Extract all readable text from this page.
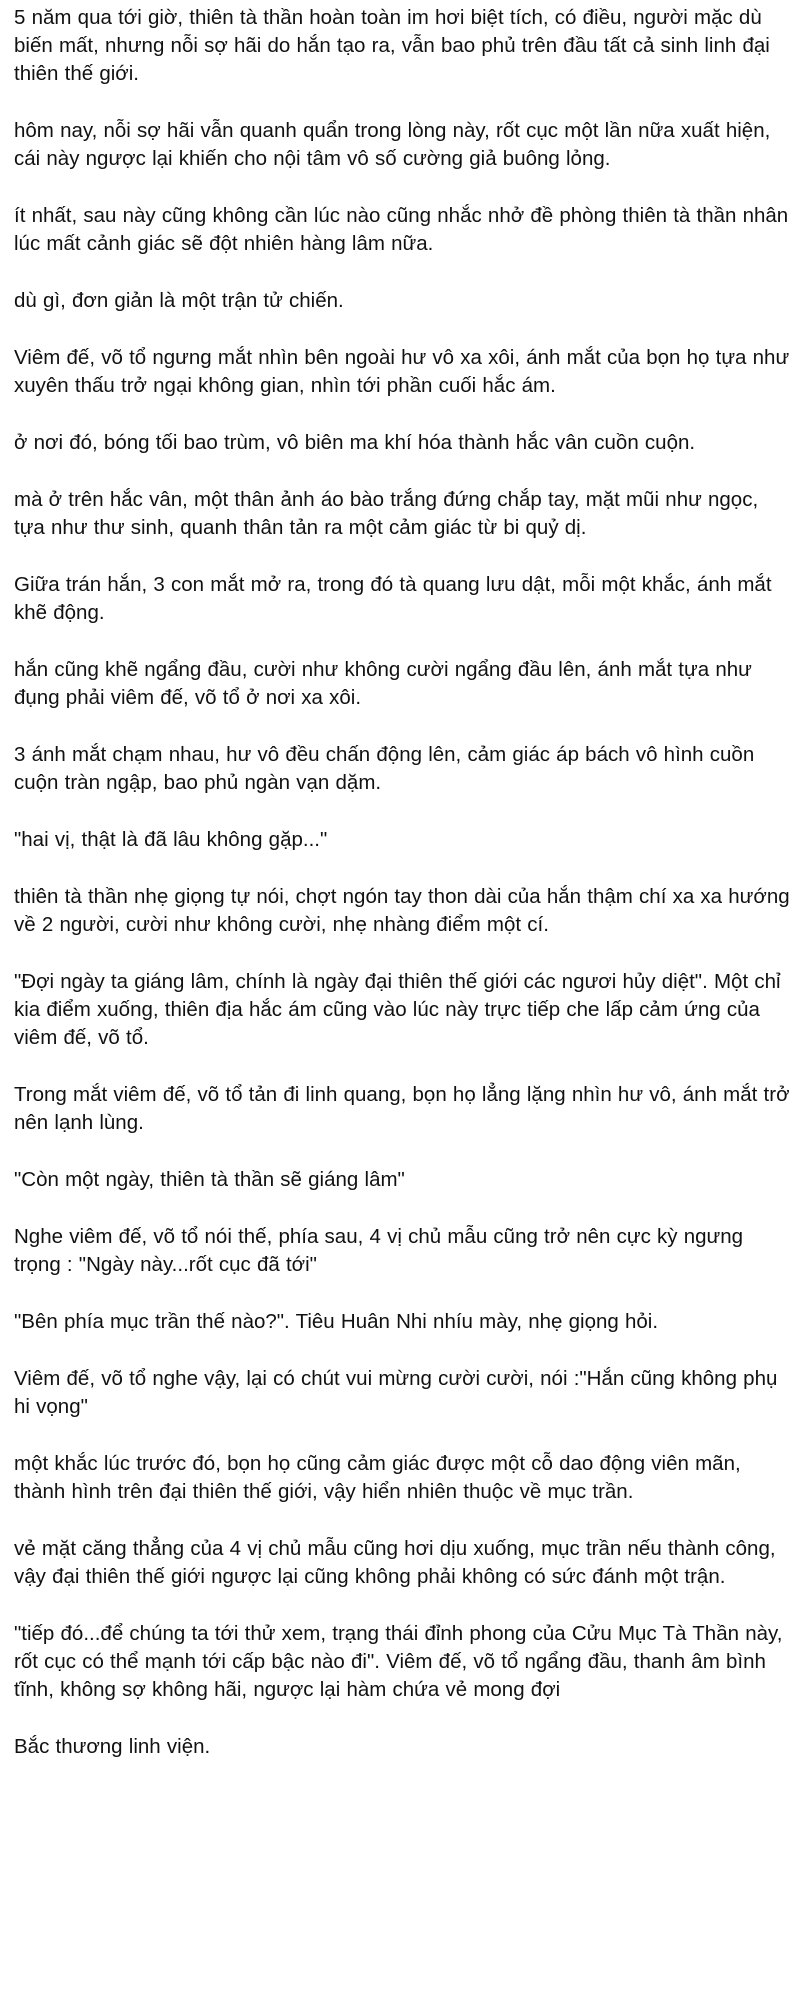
5 năm qua tới giờ, thiên tà thần hoàn toàn im hơi biệt tích, có điều, người mặc dù biến mất, nhưng nỗi sợ hãi do hắn tạo ra, vẫn bao phủ trên đầu tất cả sinh linh đại thiên thế giới.

hôm nay, nỗi sợ hãi vẫn quanh quẩn trong lòng này, rốt cục một lần nữa xuất hiện, cái này ngược lại khiến cho nội tâm vô số cường giả buông lỏng.

ít nhất, sau này cũng không cần lúc nào cũng nhắc nhở đề phòng thiên tà thần nhân lúc mất cảnh giác sẽ đột nhiên hàng lâm nữa.

dù gì, đơn giản là một trận tử chiến.

Viêm đế, võ tổ ngưng mắt nhìn bên ngoài hư vô xa xôi, ánh mắt của bọn họ tựa như xuyên thấu trở ngại không gian, nhìn tới phần cuối hắc ám.

ở nơi đó, bóng tối bao trùm, vô biên ma khí hóa thành hắc vân cuồn cuộn.

mà ở trên hắc vân, một thân ảnh áo bào trắng đứng chắp tay, mặt mũi như ngọc, tựa như thư sinh, quanh thân tản ra một cảm giác từ bi quỷ dị.

Giữa trán hắn, 3 con mắt mở ra, trong đó tà quang lưu dật, mỗi một khắc, ánh mắt khẽ động.

hắn cũng khẽ ngẩng đầu, cười như không cười ngẩng đầu lên, ánh mắt tựa như đụng phải viêm đế, võ tổ ở nơi xa xôi.

3 ánh mắt chạm nhau, hư vô đều chấn động lên, cảm giác áp bách vô hình cuồn cuộn tràn ngập, bao phủ ngàn vạn dặm.

"hai vị, thật là đã lâu không gặp..."

thiên tà thần nhẹ giọng tự nói, chợt ngón tay thon dài của hắn thậm chí xa xa hướng về 2 người, cười như không cười, nhẹ nhàng điểm một cí.

"Đợi ngày ta giáng lâm, chính là ngày đại thiên thế giới các ngươi hủy diệt". Một chỉ kia điểm xuống, thiên địa hắc ám cũng vào lúc này trực tiếp che lấp cảm ứng của viêm đế, võ tổ.

Trong mắt viêm đế, võ tổ tản đi linh quang, bọn họ lẳng lặng nhìn hư vô, ánh mắt trở nên lạnh lùng.

"Còn một ngày, thiên tà thần sẽ giáng lâm"

Nghe viêm đế, võ tổ nói thế, phía sau, 4 vị chủ mẫu cũng trở nên cực kỳ ngưng trọng : "Ngày này...rốt cục đã tới"

"Bên phía mục trần thế nào?". Tiêu Huân Nhi nhíu mày, nhẹ giọng hỏi.

Viêm đế, võ tổ nghe vậy, lại có chút vui mừng cười cười, nói :"Hắn cũng không phụ hi vọng"

một khắc lúc trước đó, bọn họ cũng cảm giác được một cỗ dao động viên mãn, thành hình trên đại thiên thế giới, vậy hiển nhiên thuộc về mục trần.

vẻ mặt căng thẳng của 4 vị chủ mẫu cũng hơi dịu xuống, mục trần nếu thành công, vậy đại thiên thế giới ngược lại cũng không phải không có sức đánh một trận.

"tiếp đó...để chúng ta tới thử xem, trạng thái đỉnh phong của Cửu Mục Tà Thần này, rốt cục có thể mạnh tới cấp bậc nào đi". Viêm đế, võ tổ ngẩng đầu, thanh âm bình tĩnh, không sợ không hãi, ngược lại hàm chứa vẻ mong đợi

Bắc thương linh viện.
